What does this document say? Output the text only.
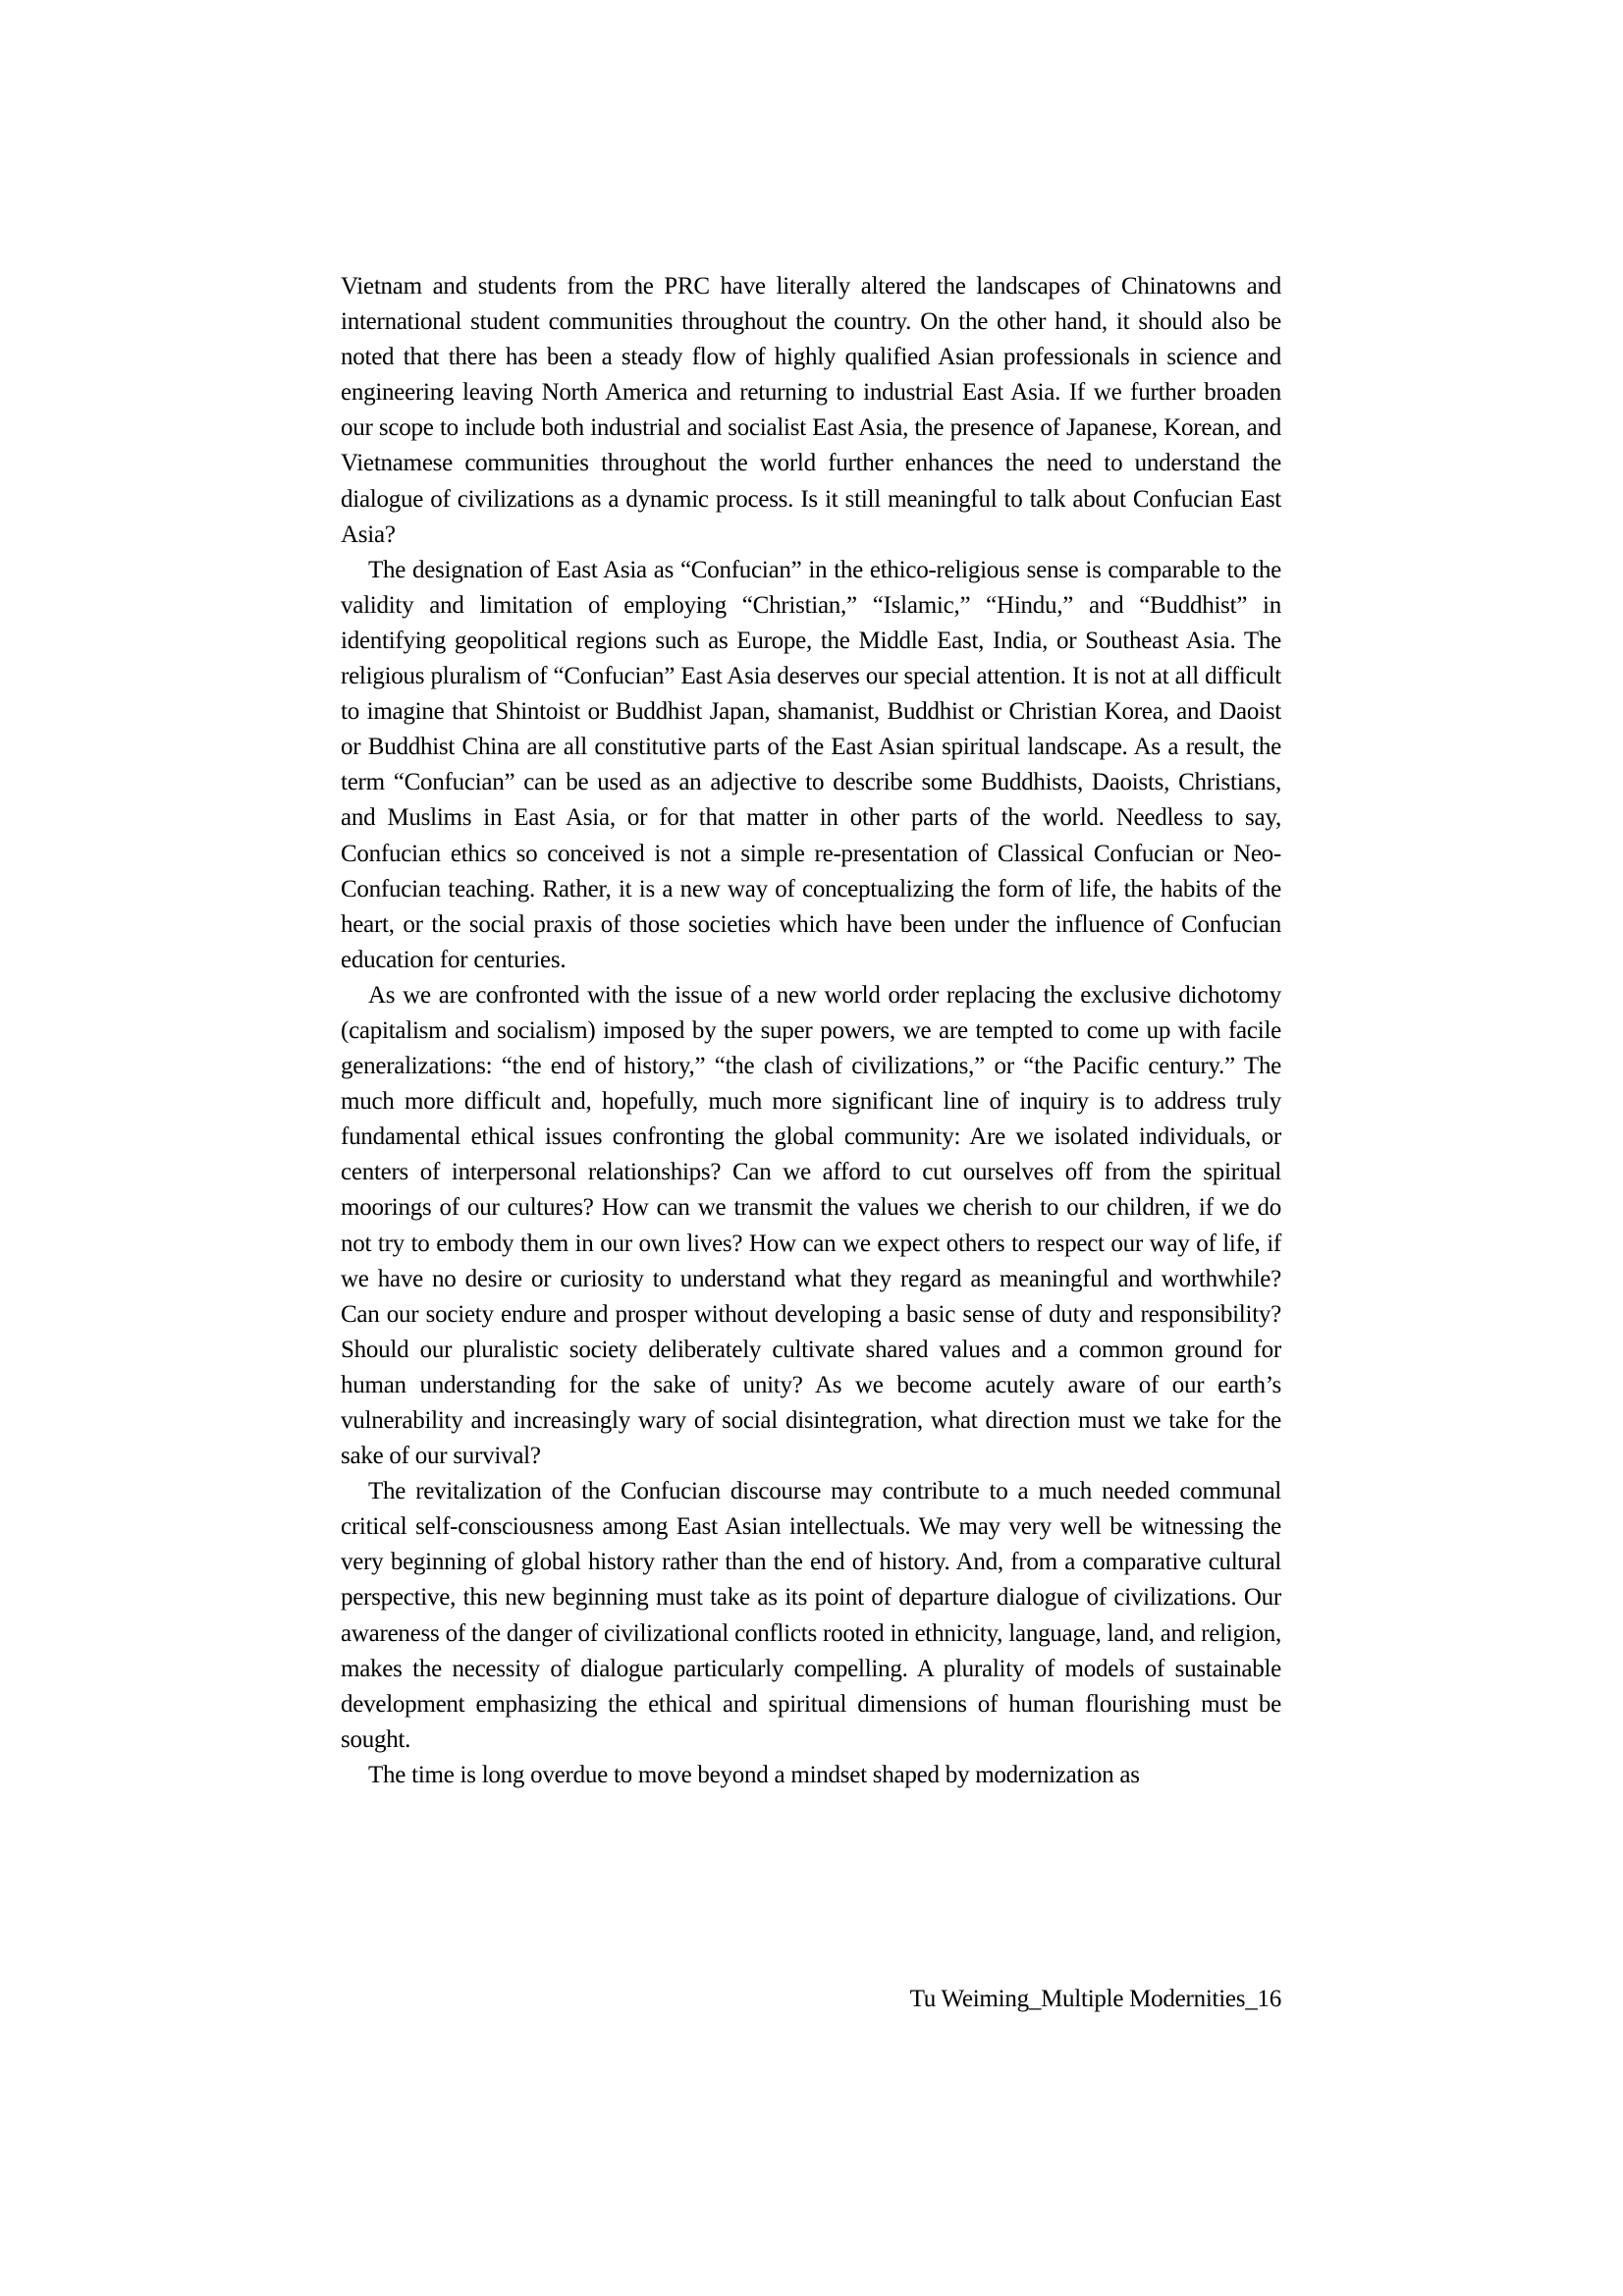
Vietnam and students from the PRC have literally altered the landscapes of Chinatowns and international student communities throughout the country. On the other hand, it should also be noted that there has been a steady flow of highly qualified Asian professionals in science and engineering leaving North America and returning to industrial East Asia. If we further broaden our scope to include both industrial and socialist East Asia, the presence of Japanese, Korean, and Vietnamese communities throughout the world further enhances the need to understand the dialogue of civilizations as a dynamic process. Is it still meaningful to talk about Confucian East Asia?

The designation of East Asia as “Confucian” in the ethico-religious sense is comparable to the validity and limitation of employing “Christian,” “Islamic,” “Hindu,” and “Buddhist” in identifying geopolitical regions such as Europe, the Middle East, India, or Southeast Asia. The religious pluralism of “Confucian” East Asia deserves our special attention. It is not at all difficult to imagine that Shintoist or Buddhist Japan, shamanist, Buddhist or Christian Korea, and Daoist or Buddhist China are all constitutive parts of the East Asian spiritual landscape. As a result, the term “Confucian” can be used as an adjective to describe some Buddhists, Daoists, Christians, and Muslims in East Asia, or for that matter in other parts of the world. Needless to say, Confucian ethics so conceived is not a simple re-presentation of Classical Confucian or Neo-Confucian teaching. Rather, it is a new way of conceptualizing the form of life, the habits of the heart, or the social praxis of those societies which have been under the influence of Confucian education for centuries.

As we are confronted with the issue of a new world order replacing the exclusive dichotomy (capitalism and socialism) imposed by the super powers, we are tempted to come up with facile generalizations: “the end of history,” “the clash of civilizations,” or “the Pacific century.” The much more difficult and, hopefully, much more significant line of inquiry is to address truly fundamental ethical issues confronting the global community: Are we isolated individuals, or centers of interpersonal relationships? Can we afford to cut ourselves off from the spiritual moorings of our cultures? How can we transmit the values we cherish to our children, if we do not try to embody them in our own lives? How can we expect others to respect our way of life, if we have no desire or curiosity to understand what they regard as meaningful and worthwhile? Can our society endure and prosper without developing a basic sense of duty and responsibility? Should our pluralistic society deliberately cultivate shared values and a common ground for human understanding for the sake of unity? As we become acutely aware of our earth’s vulnerability and increasingly wary of social disintegration, what direction must we take for the sake of our survival?

The revitalization of the Confucian discourse may contribute to a much needed communal critical self-consciousness among East Asian intellectuals. We may very well be witnessing the very beginning of global history rather than the end of history. And, from a comparative cultural perspective, this new beginning must take as its point of departure dialogue of civilizations. Our awareness of the danger of civilizational conflicts rooted in ethnicity, language, land, and religion, makes the necessity of dialogue particularly compelling. A plurality of models of sustainable development emphasizing the ethical and spiritual dimensions of human flourishing must be sought.

The time is long overdue to move beyond a mindset shaped by modernization as

Tu Weiming_Multiple Modernities_16
